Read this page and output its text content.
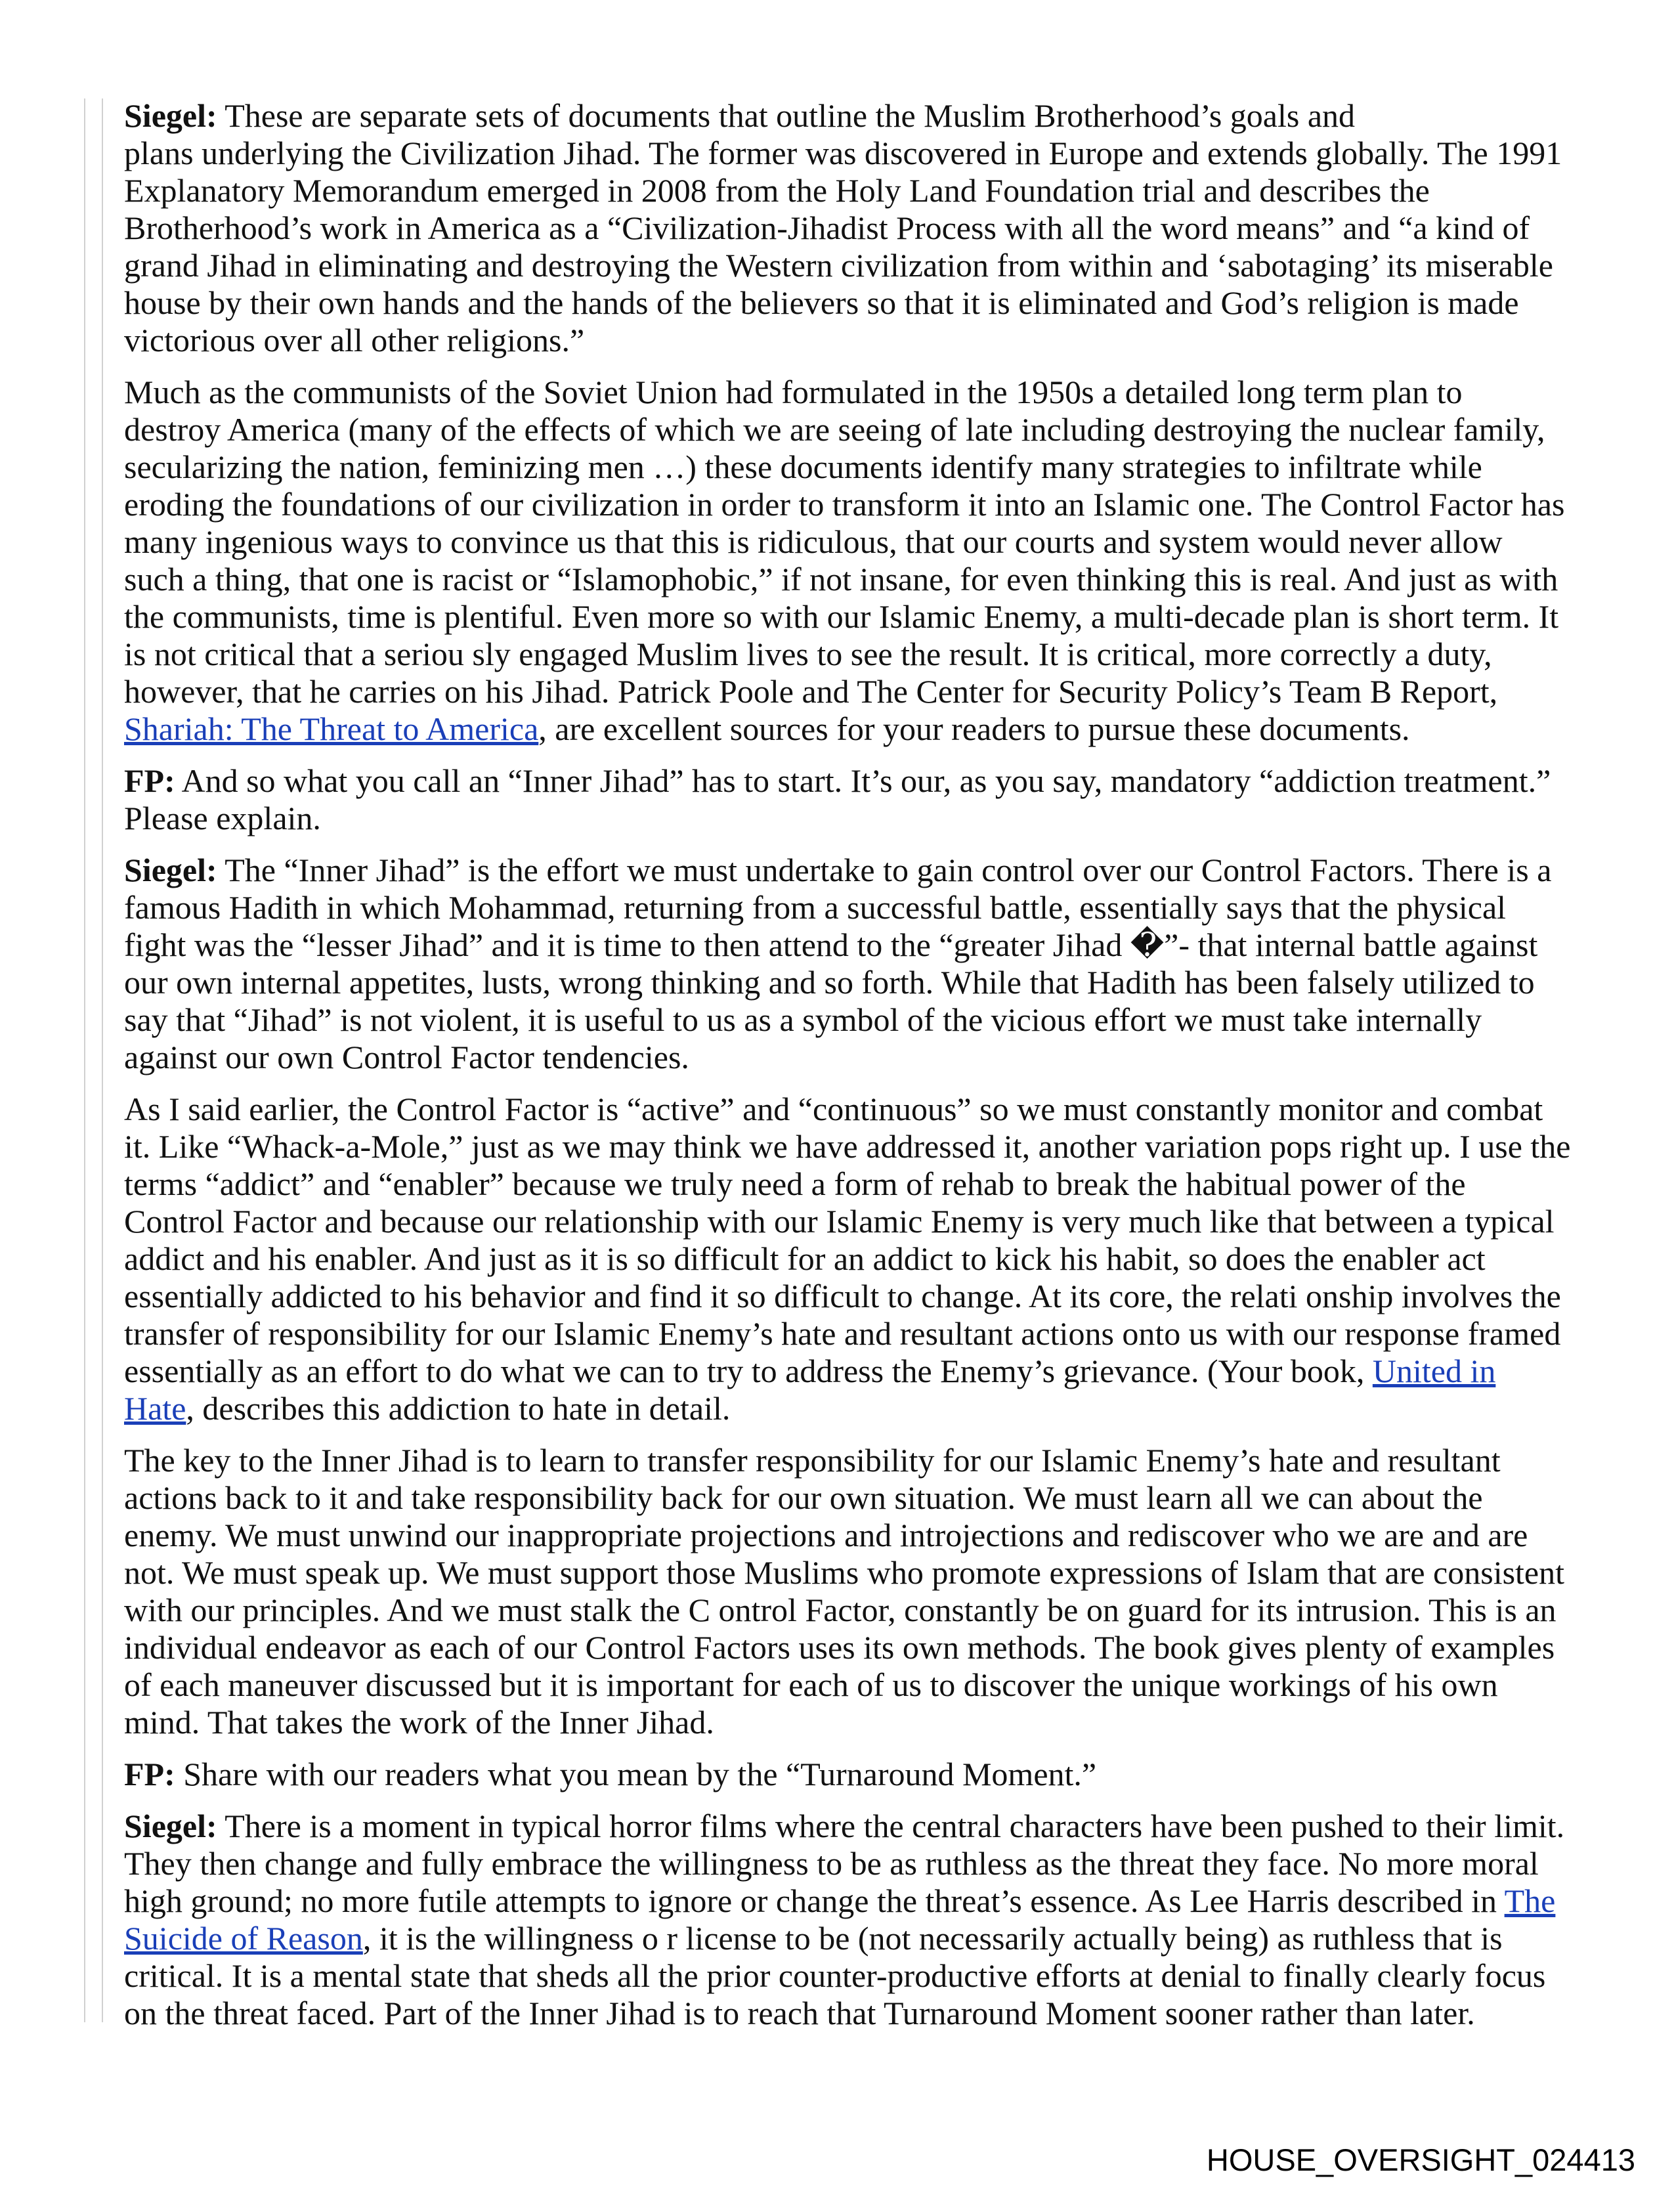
Siegel: These are separate sets of documents that outline the Muslim Brotherhood’s goals and
plans underlying the Civilization Jihad. The former was discovered in Europe and extends globally. The 1991
Explanatory Memorandum emerged in 2008 from the Holy Land Foundation trial and describes the
Brotherhood’s work in America as a “Civilization-Jihadist Process with all the word means” and “a kind of
grand Jihad in eliminating and destroying the Western civilization from within and ‘sabotaging’ its miserable
house by their own hands and the hands of the believers so that it is eliminated and God’s religion is made
victorious over all other religions.”
Much as the communists of the Soviet Union had formulated in the 1950s a detailed long term plan to
destroy America (many of the effects of which we are seeing of late including destroying the nuclear family,
secularizing the nation, feminizing men …) these documents identify many strategies to infiltrate while
eroding the foundations of our civilization in order to transform it into an Islamic one. The Control Factor has
many ingenious ways to convince us that this is ridiculous, that our courts and system would never allow
such a thing, that one is racist or “Islamophobic,” if not insane, for even thinking this is real. And just as with
the communists, time is plentiful. Even more so with our Islamic Enemy, a multi-decade plan is short term. It
is not critical that a seriou sly engaged Muslim lives to see the result. It is critical, more correctly a duty,
however, that he carries on his Jihad. Patrick Poole and The Center for Security Policy’s Team B Report,
Shariah: The Threat to America, are excellent sources for your readers to pursue these documents.
FP: And so what you call an “Inner Jihad” has to start. It’s our, as you say, mandatory “addiction treatment.”
Please explain.
Siegel: The “Inner Jihad” is the effort we must undertake to gain control over our Control Factors. There is a
famous Hadith in which Mohammad, returning from a successful battle, essentially says that the physical
fight was the “lesser Jihad” and it is time to then attend to the “greater Jihad �”- that internal battle against
our own internal appetites, lusts, wrong thinking and so forth. While that Hadith has been falsely utilized to
say that “Jihad” is not violent, it is useful to us as a symbol of the vicious effort we must take internally
against our own Control Factor tendencies.
As I said earlier, the Control Factor is “active” and “continuous” so we must constantly monitor and combat
it. Like “Whack-a-Mole,” just as we may think we have addressed it, another variation pops right up. I use the
terms “addict” and “enabler” because we truly need a form of rehab to break the habitual power of the
Control Factor and because our relationship with our Islamic Enemy is very much like that between a typical
addict and his enabler. And just as it is so difficult for an addict to kick his habit, so does the enabler act
essentially addicted to his behavior and find it so difficult to change. At its core, the relati onship involves the
transfer of responsibility for our Islamic Enemy’s hate and resultant actions onto us with our response framed
essentially as an effort to do what we can to try to address the Enemy’s grievance. (Your book, United in
Hate, describes this addiction to hate in detail.
The key to the Inner Jihad is to learn to transfer responsibility for our Islamic Enemy’s hate and resultant
actions back to it and take responsibility back for our own situation. We must learn all we can about the
enemy. We must unwind our inappropriate projections and introjections and rediscover who we are and are
not. We must speak up. We must support those Muslims who promote expressions of Islam that are consistent
with our principles. And we must stalk the C ontrol Factor, constantly be on guard for its intrusion. This is an
individual endeavor as each of our Control Factors uses its own methods. The book gives plenty of examples
of each maneuver discussed but it is important for each of us to discover the unique workings of his own
mind. That takes the work of the Inner Jihad.
FP: Share with our readers what you mean by the “Turnaround Moment.”
Siegel: There is a moment in typical horror films where the central characters have been pushed to their limit.
They then change and fully embrace the willingness to be as ruthless as the threat they face. No more moral
high ground; no more futile attempts to ignore or change the threat’s essence. As Lee Harris described in The
Suicide of Reason, it is the willingness o r license to be (not necessarily actually being) as ruthless that is
critical. It is a mental state that sheds all the prior counter-productive efforts at denial to finally clearly focus
on the threat faced. Part of the Inner Jihad is to reach that Turnaround Moment sooner rather than later.
HOUSE_OVERSIGHT_024413
